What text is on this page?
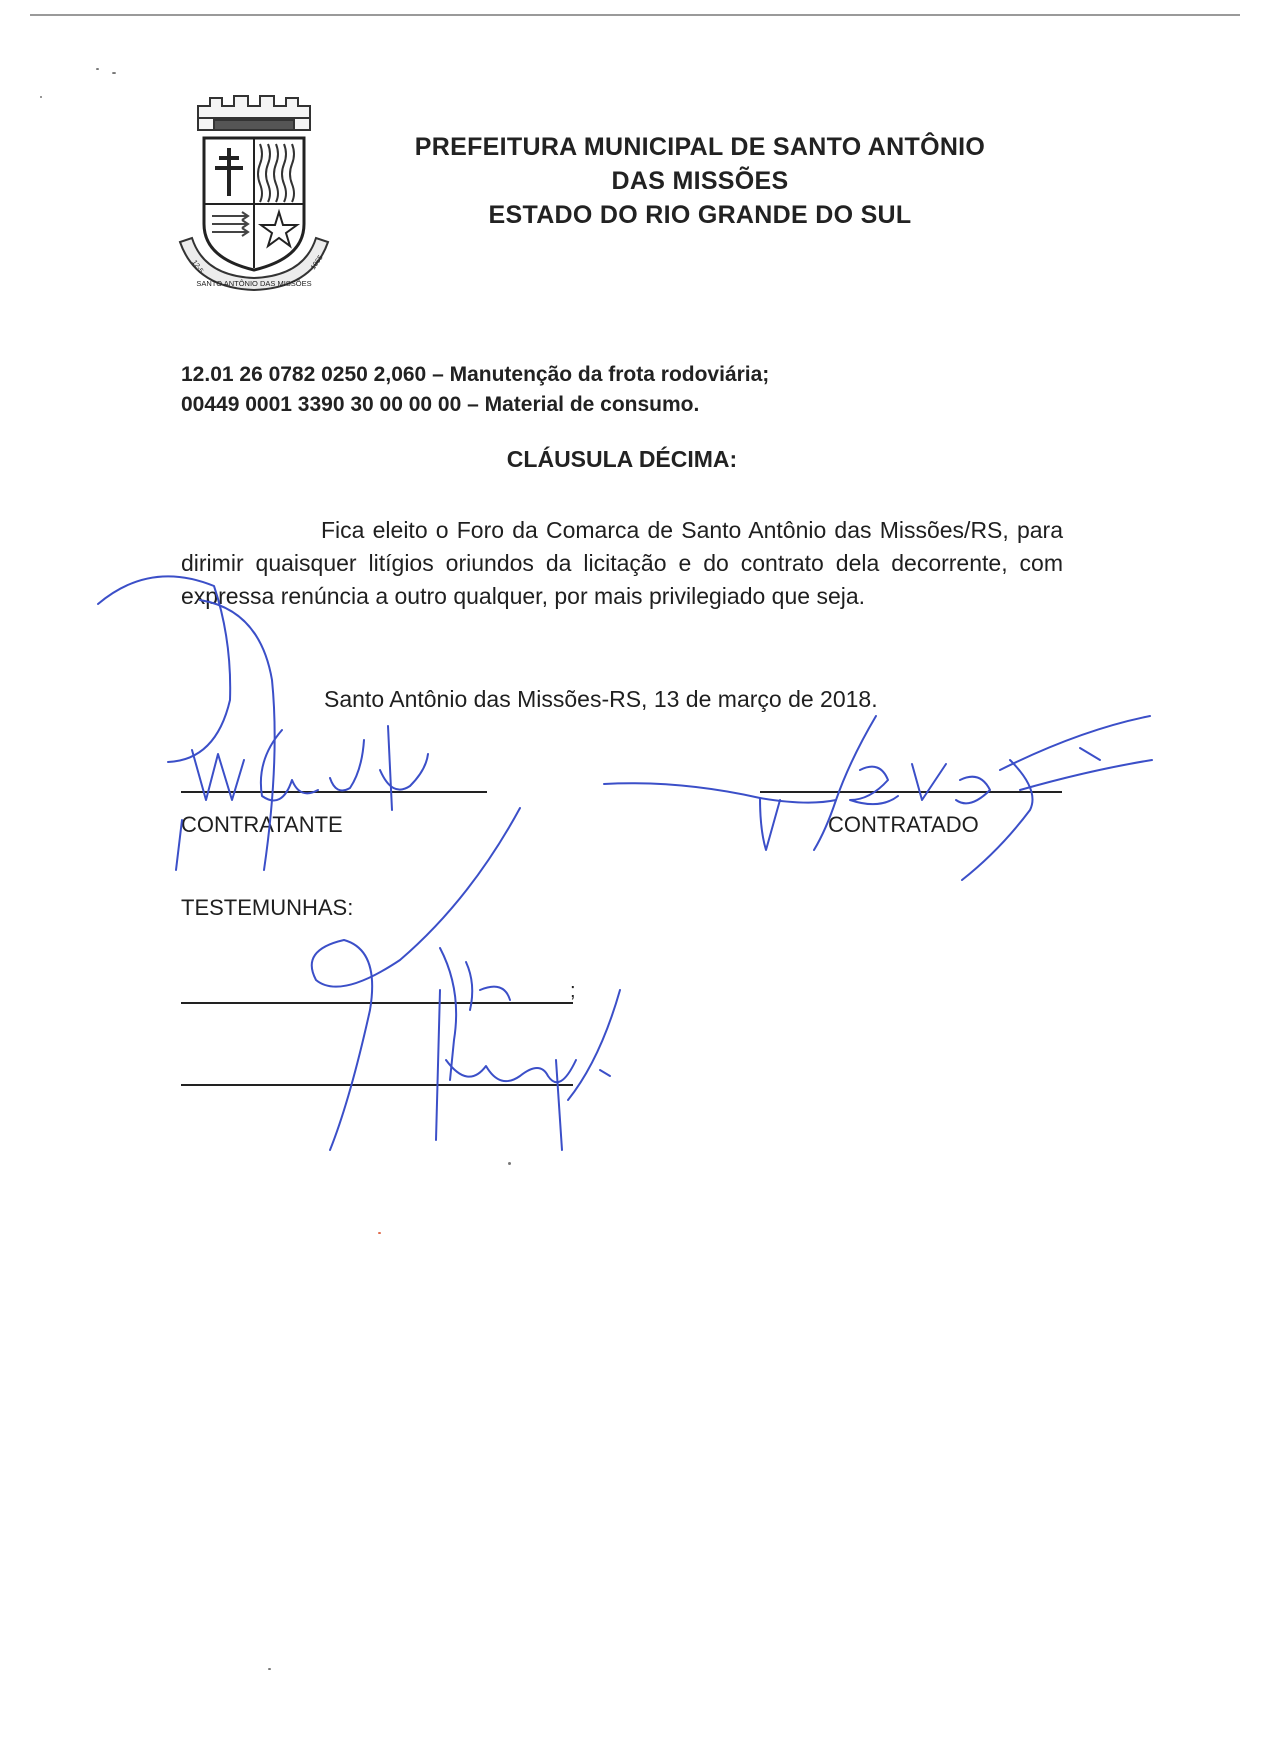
SANTO ANTÔNIO DAS MISSÕES
12-5	1965
PREFEITURA MUNICIPAL DE SANTO ANTÔNIO
DAS MISSÕES
ESTADO DO RIO GRANDE DO SUL
12.01 26 0782 0250 2,060 – Manutenção da frota rodoviária;
00449 0001 3390 30 00 00 00 – Material de consumo.
CLÁUSULA DÉCIMA:
Fica eleito o Foro da Comarca de Santo Antônio das Missões/RS, para dirimir quaisquer litígios oriundos da licitação e do contrato dela decorrente, com expressa renúncia a outro qualquer, por mais privilegiado que seja.
Santo Antônio das Missões-RS, 13 de março de 2018.
CONTRATANTE	CONTRATADO
TESTEMUNHAS:
;
